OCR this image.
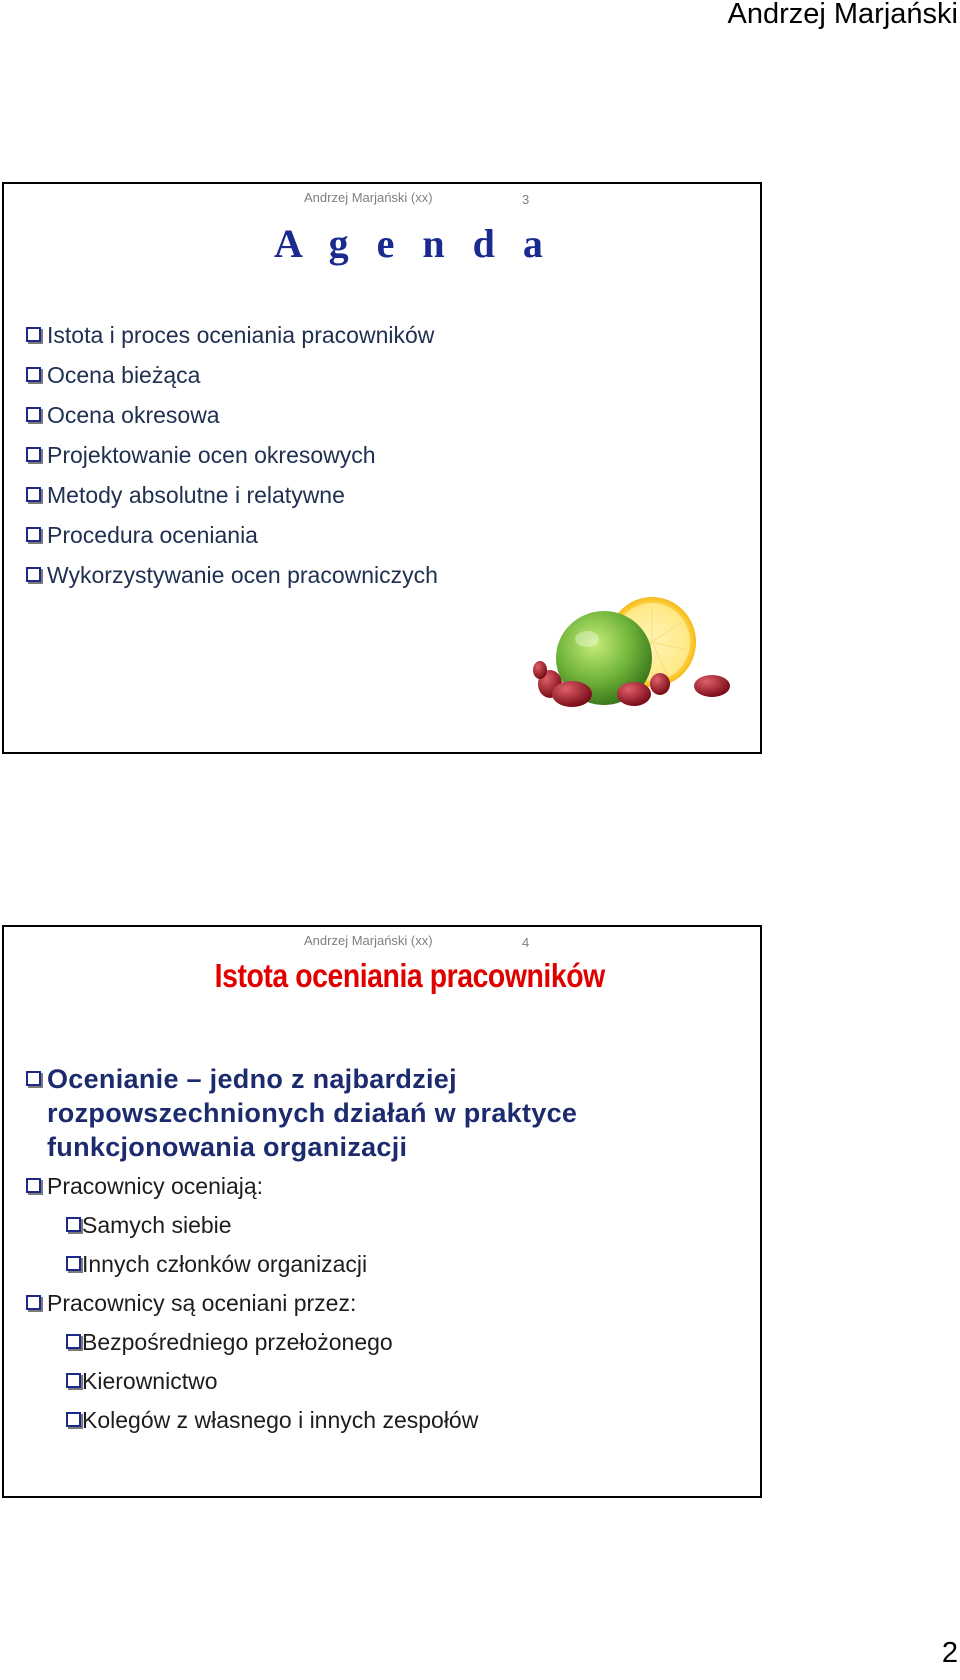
Andrzej Marjański
Andrzej Marjański (xx)	3
A g e n d a
Istota i proces oceniania pracowników
Ocena bieżąca
Ocena okresowa
Projektowanie ocen okresowych
Metody absolutne i relatywne
Procedura oceniania
Wykorzystywanie ocen pracowniczych
Andrzej Marjański (xx)	4
Istota oceniania pracowników
Ocenianie – jedno z najbardziej rozpowszechnionych działań w praktyce funkcjonowania organizacji
Pracownicy oceniają:
Samych siebie
Innych członków organizacji
Pracownicy są oceniani przez:
Bezpośredniego przełożonego
Kierownictwo
Kolegów z własnego i innych zespołów
2
